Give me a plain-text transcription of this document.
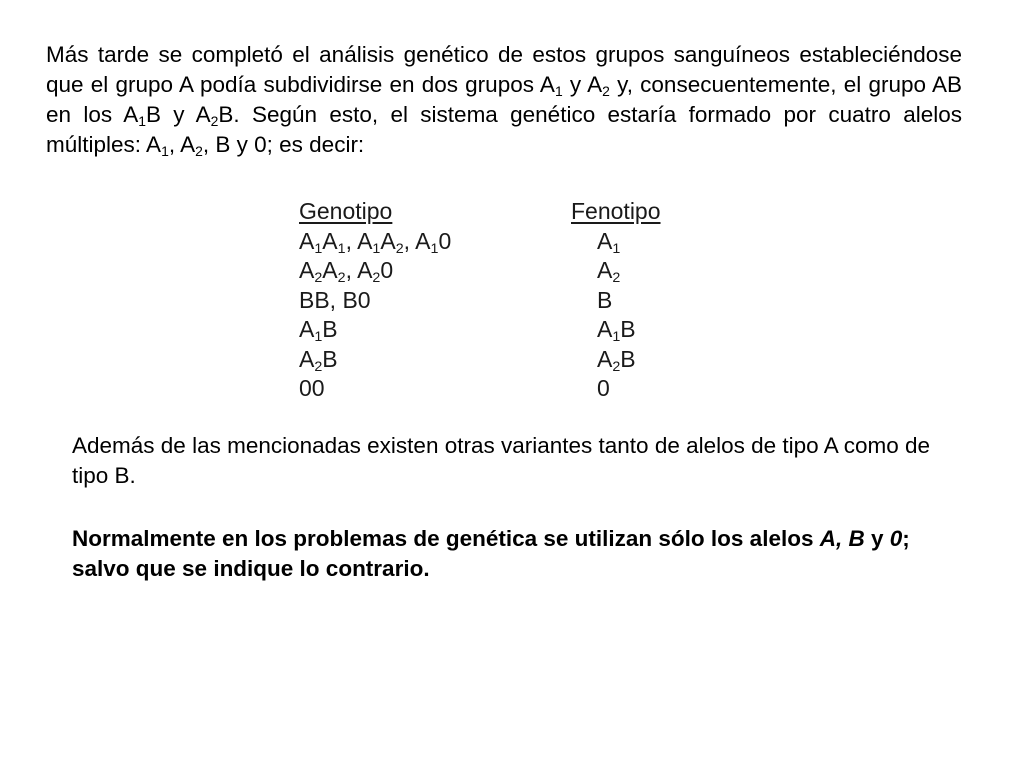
Más tarde se completó el análisis genético de estos grupos sanguíneos estableciéndose que el grupo A podía subdividirse en dos grupos $A_1$ y $A_2$ y, consecuentemente, el grupo AB en los $A_1B$ y $A_2B$. Según esto, el sistema genético estaría formado por cuatro alelos múltiples: $A_1$, $A_2$, B y 0; es decir:
Genotipo	Fenotipo
$A_1A_1$, $A_1A_2$, $A_10$	$A_1$
$A_2A_2$, $A_20$	$A_2$
BB, B0	B
$A_1B$	$A_1B$
$A_2B$	$A_2B$
00	0
Además de las mencionadas existen otras variantes tanto de alelos de tipo A como de tipo B.
Normalmente en los problemas de genética se utilizan sólo los alelos A, B y 0; salvo que se indique lo contrario.
